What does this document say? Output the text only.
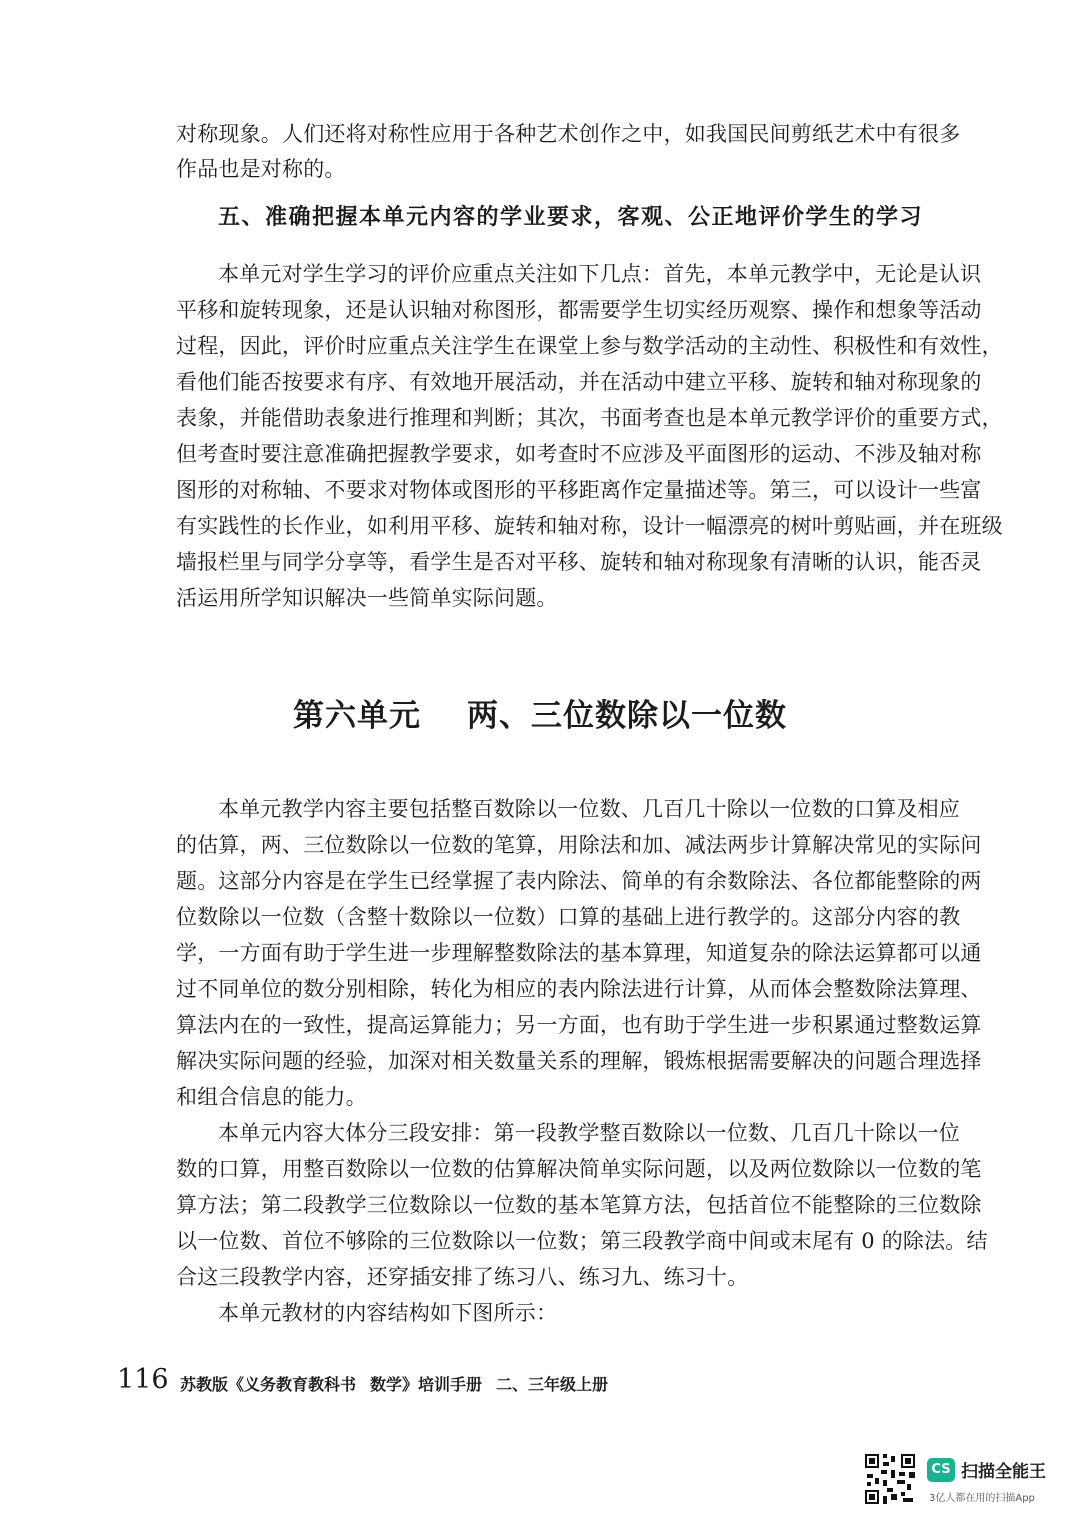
对称现象。人们还将对称性应用于各种艺术创作之中，如我国民间剪纸艺术中有很多

作品也是对称的。

五、准确把握本单元内容的学业要求，客观、公正地评价学生的学习

本单元对学生学习的评价应重点关注如下几点：首先，本单元教学中，无论是认识

平移和旋转现象，还是认识轴对称图形，都需要学生切实经历观察、操作和想象等活动

过程，因此，评价时应重点关注学生在课堂上参与数学活动的主动性、积极性和有效性，

看他们能否按要求有序、有效地开展活动，并在活动中建立平移、旋转和轴对称现象的

表象，并能借助表象进行推理和判断；其次，书面考查也是本单元教学评价的重要方式，

但考查时要注意准确把握教学要求，如考查时不应涉及平面图形的运动、不涉及轴对称

图形的对称轴、不要求对物体或图形的平移距离作定量描述等。第三，可以设计一些富

有实践性的长作业，如利用平移、旋转和轴对称，设计一幅漂亮的树叶剪贴画，并在班级

墙报栏里与同学分享等，看学生是否对平移、旋转和轴对称现象有清晰的认识，能否灵

活运用所学知识解决一些简单实际问题。

第六单元 两、三位数除以一位数

本单元教学内容主要包括整百数除以一位数、几百几十除以一位数的口算及相应

的估算，两、三位数除以一位数的笔算，用除法和加、减法两步计算解决常见的实际问

题。这部分内容是在学生已经掌握了表内除法、简单的有余数除法、各位都能整除的两

位数除以一位数（含整十数除以一位数）口算的基础上进行教学的。这部分内容的教

学，一方面有助于学生进一步理解整数除法的基本算理，知道复杂的除法运算都可以通

过不同单位的数分别相除，转化为相应的表内除法进行计算，从而体会整数除法算理、

算法内在的一致性，提高运算能力；另一方面，也有助于学生进一步积累通过整数运算

解决实际问题的经验，加深对相关数量关系的理解，锻炼根据需要解决的问题合理选择

和组合信息的能力。

本单元内容大体分三段安排：第一段教学整百数除以一位数、几百几十除以一位

数的口算，用整百数除以一位数的估算解决简单实际问题，以及两位数除以一位数的笔

算方法；第二段教学三位数除以一位数的基本笔算方法，包括首位不能整除的三位数除

以一位数、首位不够除的三位数除以一位数；第三段教学商中间或末尾有 0 的除法。结

合这三段教学内容，还穿插安排了练习八、练习九、练习十。

本单元教材的内容结构如下图所示：

116 苏教版《义务教育教科书 数学》培训手册 二、三年级上册

CS 扫描全能王
3亿人都在用的扫描App
